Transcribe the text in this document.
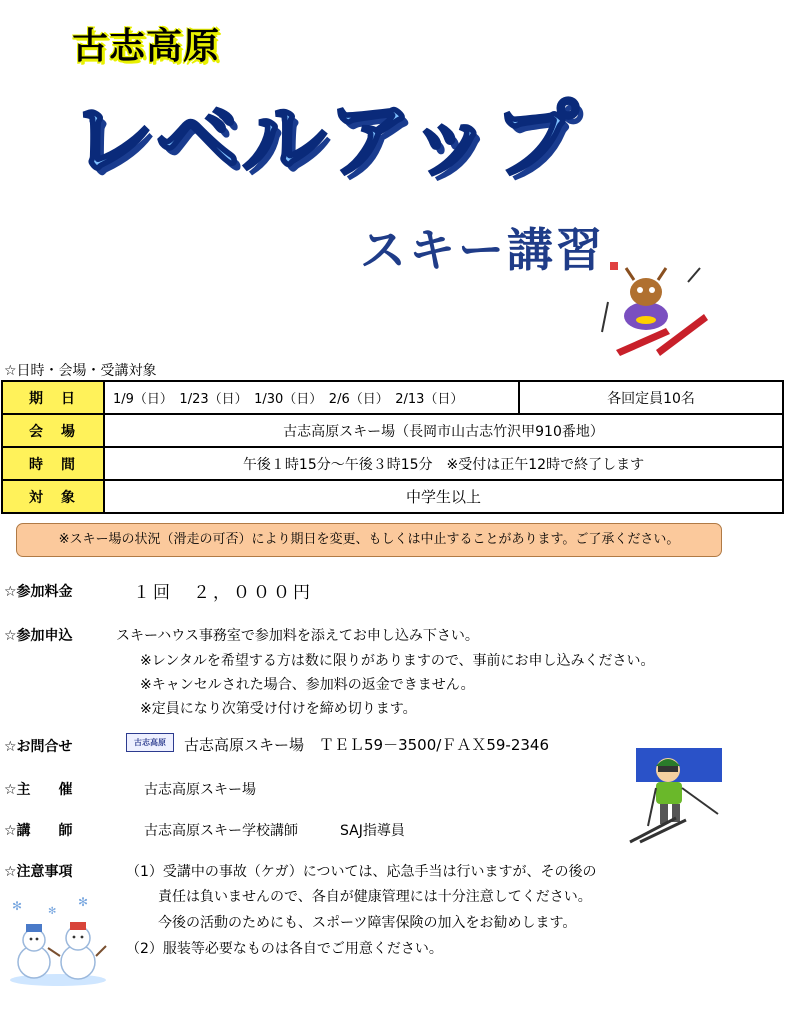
古志高原
レベルアップ
スキー講習
☆日時・会場・受講対象
期　日	1/9（日）　1/23（日）　1/30（日）　2/6（日）　2/13（日）	各回定員10名
会　場	古志高原スキー場（長岡市山古志竹沢甲910番地）	
時　間	午後１時15分～午後３時15分　※受付は正午12時で終了します	
対　象	中学生以上	
※スキー場の状況（滑走の可否）により期日を変更、もしくは中止することがあります。ご了承ください。
☆参加料金	１回　２，０００円
☆参加申込	スキーハウス事務室で参加料を添えてお申し込み下さい。
※レンタルを希望する方は数に限りがありますので、事前にお申し込みください。
※キャンセルされた場合、参加料の返金できません。
※定員になり次第受け付けを締め切ります。
☆お問合せ	古志高原	古志高原スキー場　ＴＥＬ59－3500/ＦＡＸ59-2346
☆主　　催	古志高原スキー場
☆講　　師	古志高原スキー学校講師　　　SAJ指導員
☆注意事項	（1）受講中の事故（ケガ）については、応急手当は行いますが、その後の
責任は負いませんので、各自が健康管理には十分注意してください。
今後の活動のためにも、スポーツ障害保険の加入をお勧めします。
（2）服装等必要なものは各自でご用意ください。
✻	✻
✻
